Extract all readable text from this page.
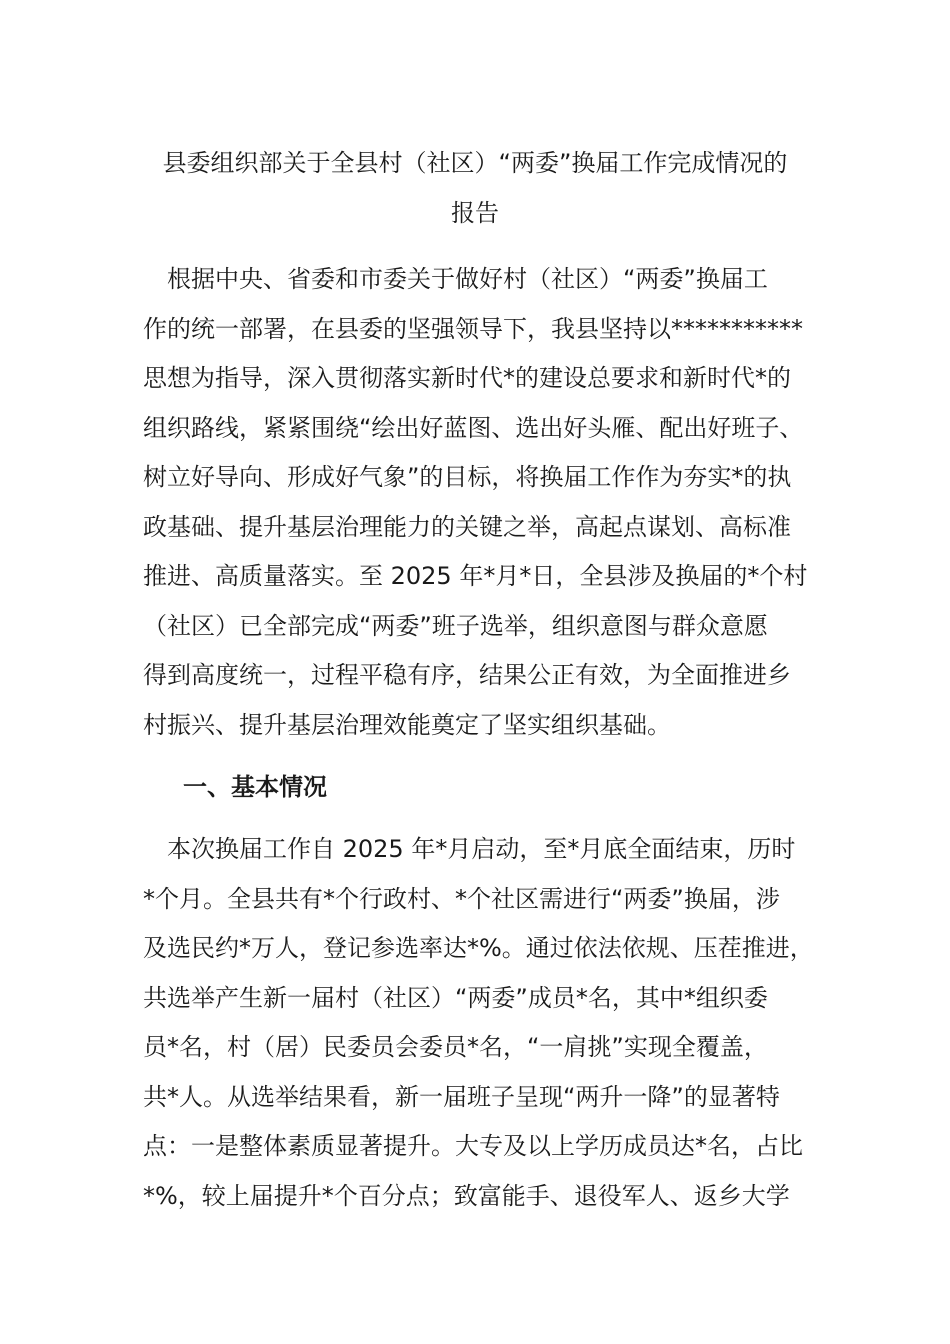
县委组织部关于全县村（社区）“两委”换届工作完成情况的
报告
　根据中央、省委和市委关于做好村（社区）“两委”换届工
作的统一部署，在县委的坚强领导下，我县坚持以***********
思想为指导，深入贯彻落实新时代*的建设总要求和新时代*的
组织路线，紧紧围绕“绘出好蓝图、选出好头雁、配出好班子、
树立好导向、形成好气象”的目标，将换届工作作为夯实*的执
政基础、提升基层治理能力的关键之举，高起点谋划、高标准
推进、高质量落实。至 2025 年*月*日，全县涉及换届的*个村
（社区）已全部完成“两委”班子选举，组织意图与群众意愿
得到高度统一，过程平稳有序，结果公正有效，为全面推进乡
村振兴、提升基层治理效能奠定了坚实组织基础。
一、基本情况
　本次换届工作自 2025 年*月启动，至*月底全面结束，历时
*个月。全县共有*个行政村、*个社区需进行“两委”换届，涉
及选民约*万人，登记参选率达*%。通过依法依规、压茬推进，
共选举产生新一届村（社区）“两委”成员*名，其中*组织委
员*名，村（居）民委员会委员*名，“一肩挑”实现全覆盖，
共*人。从选举结果看，新一届班子呈现“两升一降”的显著特
点：一是整体素质显著提升。大专及以上学历成员达*名，占比
*%，较上届提升*个百分点；致富能手、退役军人、返乡大学
